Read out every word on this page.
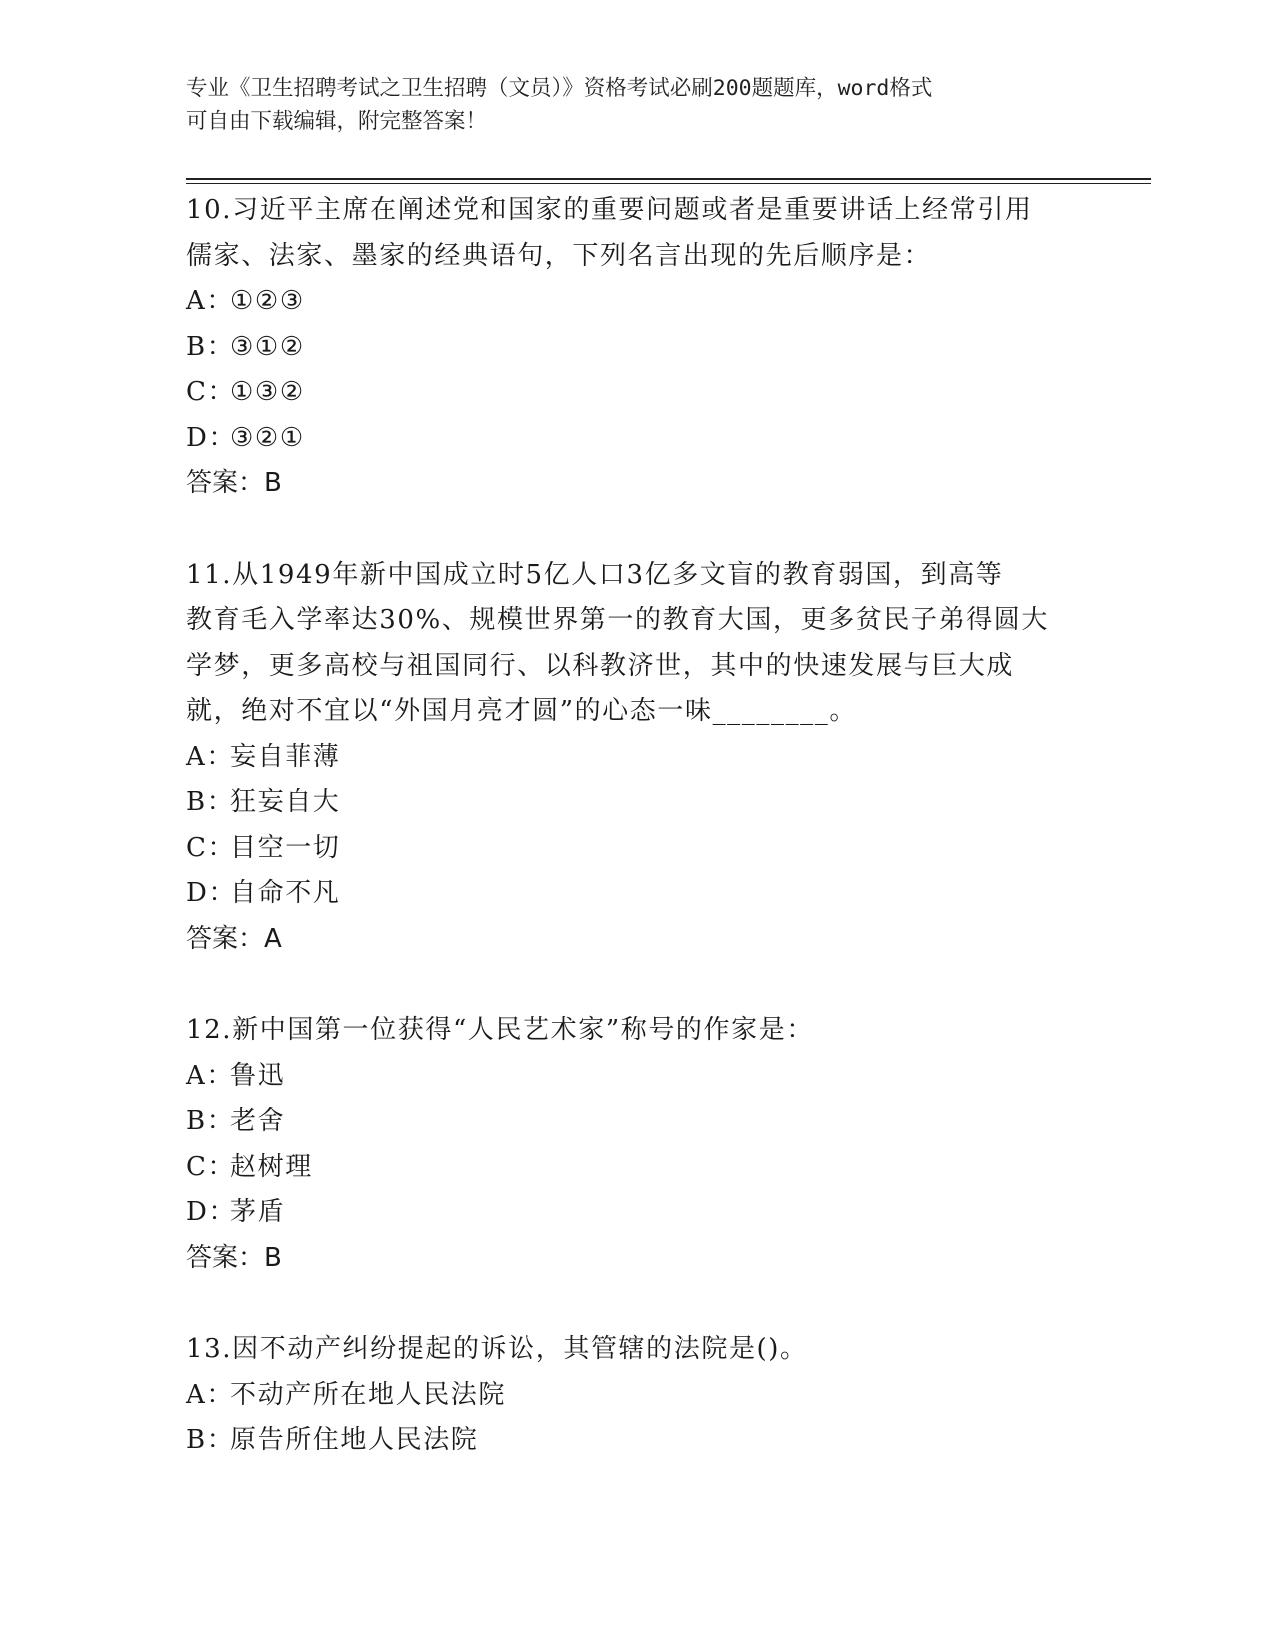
专业《卫生招聘考试之卫生招聘（文员）》资格考试必刷200题题库，word格式
可自由下载编辑，附完整答案！
10.习近平主席在阐述党和国家的重要问题或者是重要讲话上经常引用
儒家、法家、墨家的经典语句，下列名言出现的先后顺序是：
A：①②③
B：③①②
C：①③②
D：③②①
答案：B
11.从1949年新中国成立时5亿人口3亿多文盲的教育弱国，到高等
教育毛入学率达30%、规模世界第一的教育大国，更多贫民子弟得圆大
学梦，更多高校与祖国同行、以科教济世，其中的快速发展与巨大成
就，绝对不宜以“外国月亮才圆”的心态一味________。
A：妄自菲薄
B：狂妄自大
C：目空一切
D：自命不凡
答案：A
12.新中国第一位获得“人民艺术家”称号的作家是：
A：鲁迅
B：老舍
C：赵树理
D：茅盾
答案：B
13.因不动产纠纷提起的诉讼，其管辖的法院是()。
A：不动产所在地人民法院
B：原告所住地人民法院
